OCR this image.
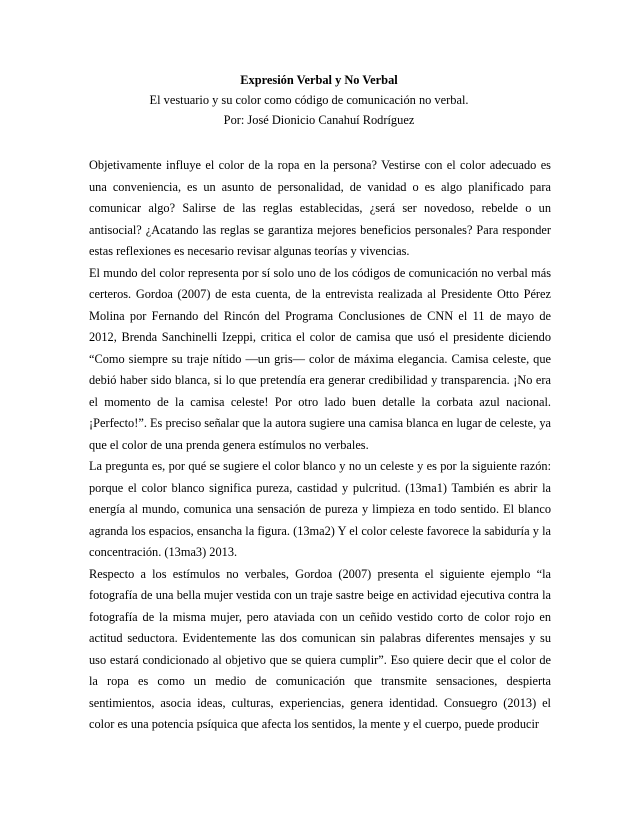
Expresión Verbal y No Verbal
El vestuario y su color como código de comunicación no verbal.
Por: José Dionicio Canahuí Rodríguez

Objetivamente influye el color de la ropa en la persona? Vestirse con el color adecuado es una conveniencia, es un asunto de personalidad, de vanidad o es algo planificado para comunicar algo? Salirse de las reglas establecidas, ¿será ser novedoso, rebelde o un antisocial? ¿Acatando las reglas se garantiza mejores beneficios personales? Para responder estas reflexiones es necesario revisar algunas teorías y vivencias.

El mundo del color representa por sí solo uno de los códigos de comunicación no verbal más certeros. Gordoa (2007) de esta cuenta, de la entrevista realizada al Presidente Otto Pérez Molina por Fernando del Rincón del Programa Conclusiones de CNN el 11 de mayo de 2012, Brenda Sanchinelli Izeppi, critica el color de camisa que usó el presidente diciendo “Como siempre su traje nítido —un gris— color de máxima elegancia. Camisa celeste, que debió haber sido blanca, si lo que pretendía era generar credibilidad y transparencia. ¡No era el momento de la camisa celeste! Por otro lado buen detalle la corbata azul nacional. ¡Perfecto!”. Es preciso señalar que la autora sugiere una camisa blanca en lugar de celeste, ya que el color de una prenda genera estímulos no verbales.

La pregunta es, por qué se sugiere el color blanco y no un celeste y es por la siguiente razón: porque el color blanco significa pureza, castidad y pulcritud. (13ma1) También es abrir la energía al mundo, comunica una sensación de pureza y limpieza en todo sentido. El blanco agranda los espacios, ensancha la figura. (13ma2) Y el color celeste favorece la sabiduría y la concentración. (13ma3) 2013.

Respecto a los estímulos no verbales, Gordoa (2007) presenta el siguiente ejemplo “la fotografía de una bella mujer vestida con un traje sastre beige en actividad ejecutiva contra la fotografía de la misma mujer, pero ataviada con un ceñido vestido corto de color rojo en actitud seductora. Evidentemente las dos comunican sin palabras diferentes mensajes y su uso estará condicionado al objetivo que se quiera cumplir”. Eso quiere decir que el color de la ropa es como un medio de comunicación que transmite sensaciones, despierta sentimientos, asocia ideas, culturas, experiencias, genera identidad. Consuegro (2013) el color es una potencia psíquica que afecta los sentidos, la mente y el cuerpo, puede producir
